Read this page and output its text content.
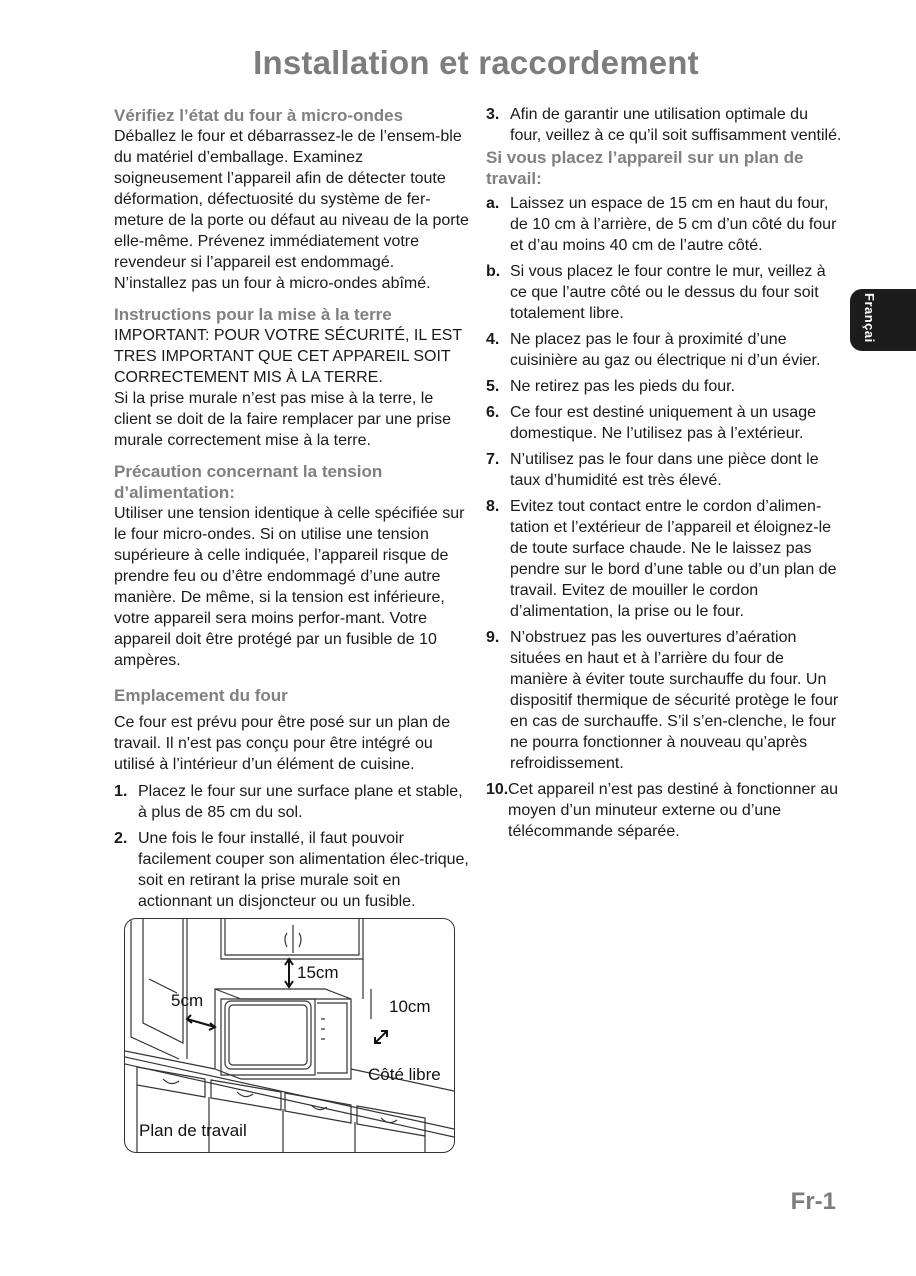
Installation et raccordement
Françai
Vérifiez l’état du four à micro-ondes

Déballez le four et débarrassez-le de l’ensem-ble du matériel d’emballage. Examinez soigneusement l’appareil afin de détecter toute déformation, défectuosité du système de fer-meture de la porte ou défaut au niveau de la porte elle-même. Prévenez immédiatement votre revendeur si l’appareil est endommagé. N’installez pas un four à micro-ondes abîmé.

Instructions pour la mise à la terre

IMPORTANT: POUR VOTRE SÉCURITÉ, IL EST TRES IMPORTANT QUE CET APPAREIL SOIT CORRECTEMENT MIS À LA TERRE.

Si la prise murale n’est pas mise à la terre, le client se doit de la faire remplacer par une prise murale correctement mise à la terre.

Précaution concernant la tension d’alimentation:

Utiliser une tension identique à celle spécifiée sur le four micro-ondes. Si on utilise une tension supérieure à celle indiquée, l’appareil risque de prendre feu ou d’être endommagé d’une autre manière. De même, si la tension est inférieure, votre appareil sera moins perfor-mant. Votre appareil doit être protégé par un fusible de 10 ampères.

Emplacement du four

Ce four est prévu pour être posé sur un plan de travail. Il n'est pas conçu pour être intégré ou utilisé à l’intérieur d’un élément de cuisine.

1. Placez le four sur une surface plane et stable, à plus de 85 cm du sol.
2. Une fois le four installé, il faut pouvoir facilement couper son alimentation élec-trique, soit en retirant la prise murale soit en actionnant un disjoncteur ou un fusible.
3. Afin de garantir une utilisation optimale du four, veillez à ce qu’il soit suffisamment ventilé.
Si vous placez l’appareil sur un plan de travail:
a. Laissez un espace de 15 cm en haut du four, de 10 cm à l’arrière, de 5 cm d’un côté du four et d’au moins 40 cm de l’autre côté.
b. Si vous placez le four contre le mur, veillez à ce que l’autre côté ou le dessus du four soit totalement libre.
4. Ne placez pas le four à proximité d’une cuisinière au gaz ou électrique ni d’un évier.
5. Ne retirez pas les pieds du four.
6. Ce four est destiné uniquement à un usage domestique. Ne l’utilisez pas à l’extérieur.
7. N’utilisez pas le four dans une pièce dont le taux d’humidité est très élevé.
8. Evitez tout contact entre le cordon d’alimen-tation et l’extérieur de l’appareil et éloignez-le de toute surface chaude. Ne le laissez pas pendre sur le bord d’une table ou d’un plan de travail. Evitez de mouiller le cordon d’alimentation, la prise ou le four.
9. N’obstruez pas les ouvertures d’aération situées en haut et à l’arrière du four de manière à éviter toute surchauffe du four. Un dispositif thermique de sécurité protège le four en cas de surchauffe. S’il s’en-clenche, le four ne pourra fonctionner à nouveau qu’après refroidissement.
10. Cet appareil n’est pas destiné à fonctionner au moyen d’un minuteur externe ou d’une télécommande séparée.
15cm
5cm	10cm
Côté libre
Plan de travail
Fr-1
